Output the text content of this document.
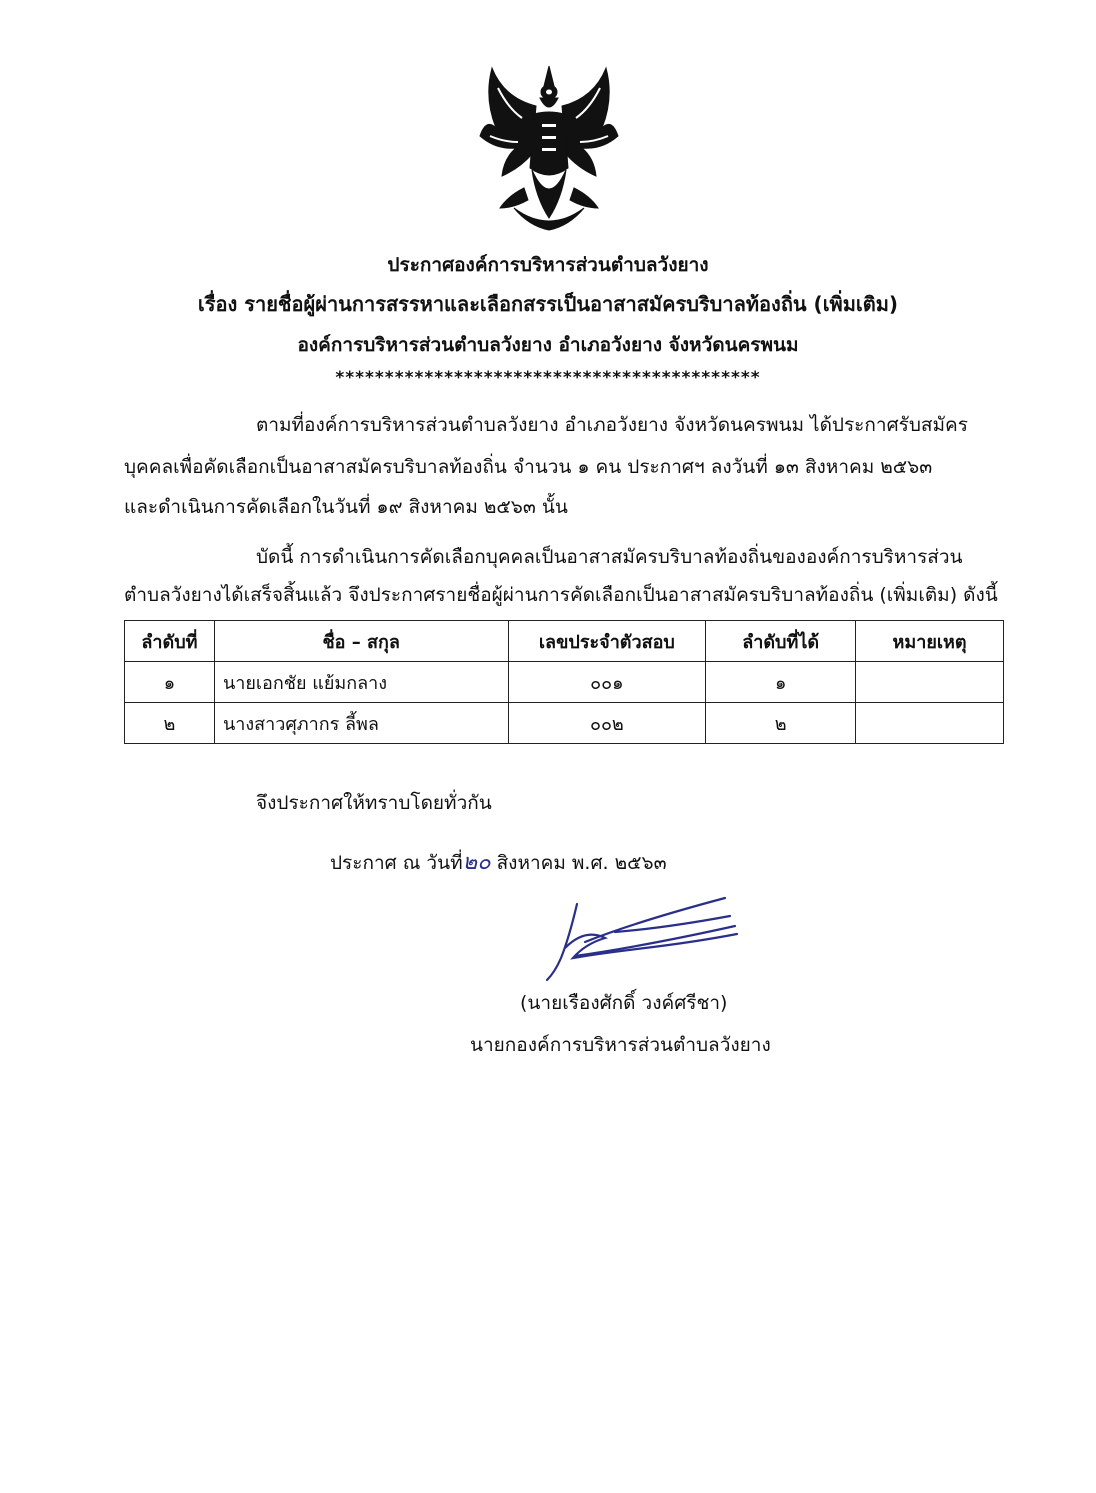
ประกาศองค์การบริหารส่วนตำบลวังยาง
เรื่อง รายชื่อผู้ผ่านการสรรหาและเลือกสรรเป็นอาสาสมัครบริบาลท้องถิ่น (เพิ่มเติม)
องค์การบริหารส่วนตำบลวังยาง อำเภอวังยาง จังหวัดนครพนม
*******************************************
ตามที่องค์การบริหารส่วนตำบลวังยาง อำเภอวังยาง จังหวัดนครพนม ได้ประกาศรับสมัคร
บุคคลเพื่อคัดเลือกเป็นอาสาสมัครบริบาลท้องถิ่น จำนวน ๑ คน ประกาศฯ ลงวันที่ ๑๓ สิงหาคม ๒๕๖๓
และดำเนินการคัดเลือกในวันที่ ๑๙ สิงหาคม ๒๕๖๓ นั้น
บัดนี้ การดำเนินการคัดเลือกบุคคลเป็นอาสาสมัครบริบาลท้องถิ่นขององค์การบริหารส่วน
ตำบลวังยางได้เสร็จสิ้นแล้ว จึงประกาศรายชื่อผู้ผ่านการคัดเลือกเป็นอาสาสมัครบริบาลท้องถิ่น (เพิ่มเติม) ดังนี้
ลำดับที่	ชื่อ – สกุล	เลขประจำตัวสอบ	ลำดับที่ได้	หมายเหตุ
๑	นายเอกชัย แย้มกลาง	๐๐๑	๑	
๒	นางสาวศุภากร ลี้พล	๐๐๒	๒	
จึงประกาศให้ทราบโดยทั่วกัน
ประกาศ ณ วันที่๒๐ สิงหาคม พ.ศ. ๒๕๖๓
(นายเรืองศักดิ์ วงค์ศรีชา)
นายกองค์การบริหารส่วนตำบลวังยาง
